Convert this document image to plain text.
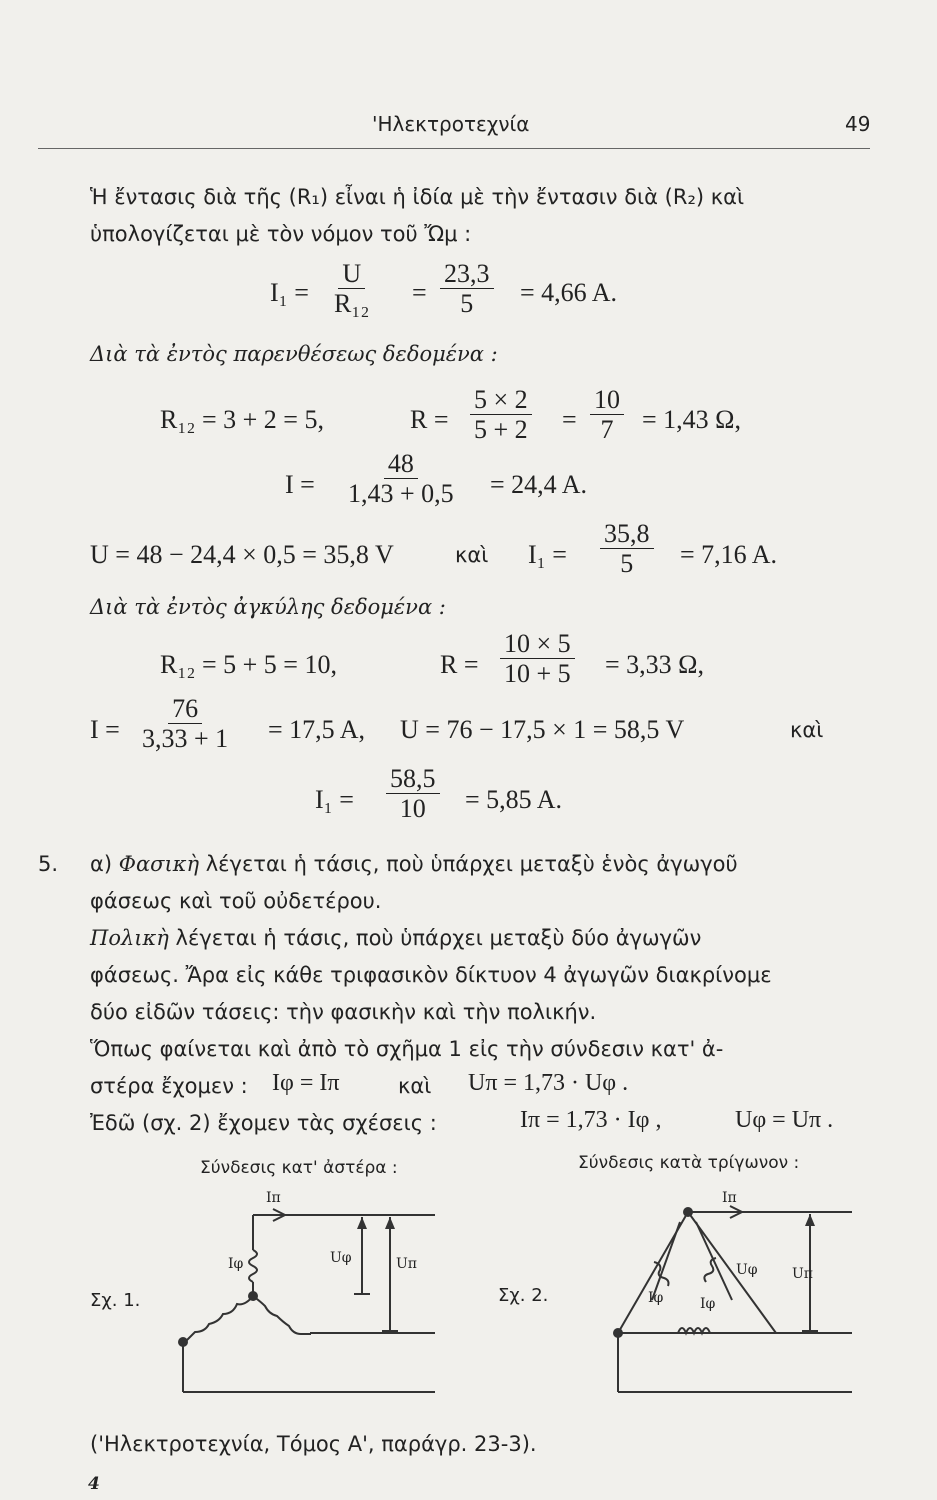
'Ηλεκτροτεχνία	49
Ἡ ἔντασις διὰ τῆς (R₁) εἶναι ἡ ἰδία μὲ τὴν ἔντασιν διὰ (R₂) καὶ
ὑπολογίζεται μὲ τὸν νόμον τοῦ Ὤμ :
$I_1 = \frac{U}{\text{R₁₂}} = \frac{23,3}{5} = 4,66$ A.
Διὰ τὰ ἐντὸς παρενθέσεως δεδομένα :
R₁₂ = 3 + 2 = 5,	$R = \frac{5 \times 2}{5 + 2} = \frac{10}{7} = 1,43$ Ω,
$I = \frac{48}{1,43 + 0,5} = 24,4$ A.
U = 48 − 24,4 × 0,5 = 35,8 V	καὶ $I_1 = \frac{35,8}{5} = 7,16$ A.
Διὰ τὰ ἐντὸς ἀγκύλης δεδομένα :
R₁₂ = 5 + 5 = 10,	$R = \frac{10 \times 5}{10 + 5} = 3,33$ Ω,
$I = \frac{76}{3,33 + 1} = 17,5$ A, U = 76 − 17,5 × 1 = 58,5 V	καὶ
$I_1 = \frac{58,5}{10} = 5,85$ A.
5. α) Φασικὴ λέγεται ἡ τάσις, ποὺ ὑπάρχει μεταξὺ ἑνὸς ἀγωγοῦ
φάσεως καὶ τοῦ οὐδετέρου.
Πολικὴ λέγεται ἡ τάσις, ποὺ ὑπάρχει μεταξὺ δύο ἀγωγῶν
φάσεως. Ἄρα εἰς κάθε τριφασικὸν δίκτυον 4 ἀγωγῶν διακρίνομε
δύο εἰδῶν τάσεις: τὴν φασικὴν καὶ τὴν πολικήν.
Ὅπως φαίνεται καὶ ἀπὸ τὸ σχῆμα 1 εἰς τὴν σύνδεσιν κατ' ἀ-
στέρα ἔχομεν : Iφ = Iπ	καὶ Uπ = 1,73 · Uφ .
Ἐδῶ (σχ. 2) ἔχομεν τὰς σχέσεις :	Iπ = 1,73 · Iφ ,	Uφ = Uπ .
Σύνδεσις κατ' ἀστέρα :	Σύνδεσις κατὰ τρίγωνον :
Σχ. 1.	Σχ. 2.
Iπ
Iφ	Uφ	Uπ
Iπ
Iφ	Iφ
Uφ Uπ
('Ηλεκτροτεχνία, Τόμος Α', παράγρ. 23-3).
4
